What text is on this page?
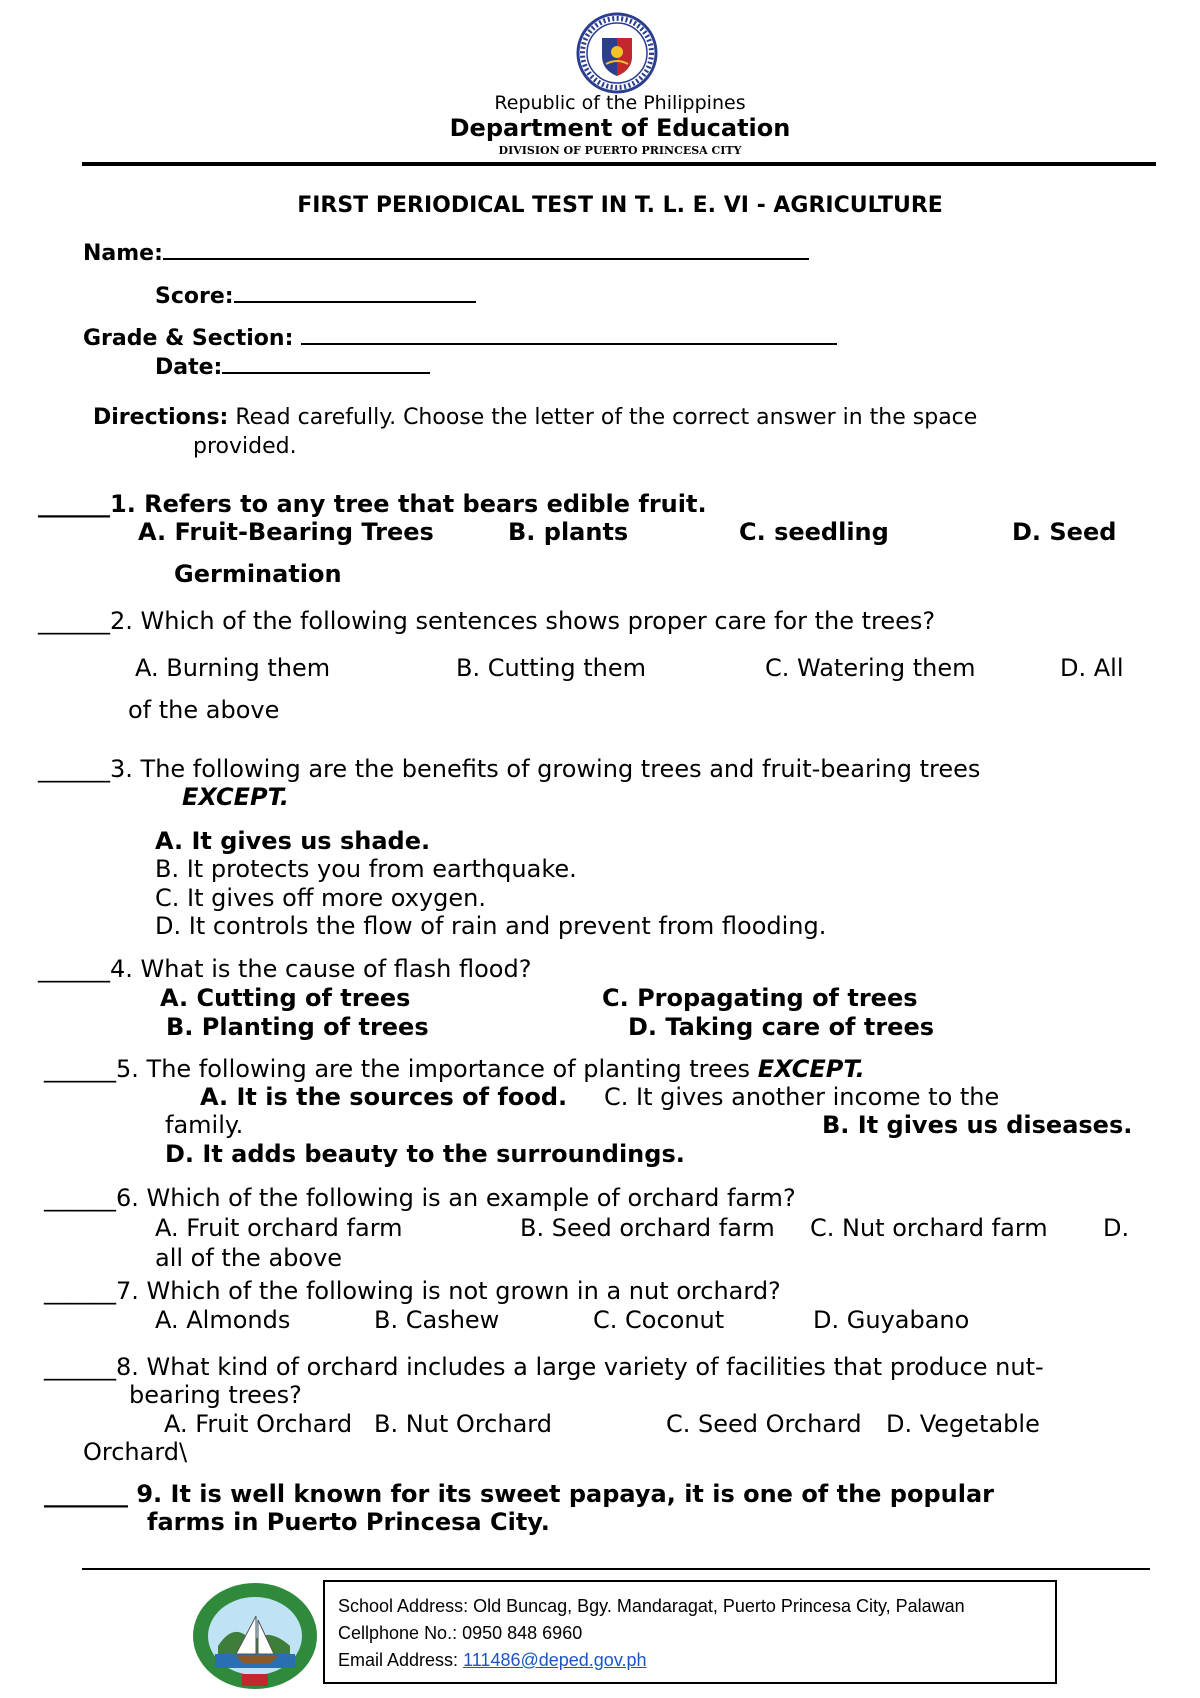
Republic of the Philippines
Department of Education
DIVISION OF PUERTO PRINCESA CITY
FIRST PERIODICAL TEST IN T. L. E. VI - AGRICULTURE
Name:
Score:
Grade & Section:
Date:
Directions: Read carefully. Choose the letter of the correct answer in the space
provided.
______1. Refers to any tree that bears edible fruit.
A. Fruit-Bearing Trees	B. plants	C. seedling	D. Seed
Germination
______2. Which of the following sentences shows proper care for the trees?
A. Burning them	B. Cutting them	C. Watering them	D. All
of the above
______3. The following are the benefits of growing trees and fruit-bearing trees
EXCEPT.
A. It gives us shade.
B. It protects you from earthquake.
C. It gives off more oxygen.
D. It controls the flow of rain and prevent from flooding.
______4. What is the cause of flash flood?
A. Cutting of trees	C. Propagating of trees
B. Planting of trees	D. Taking care of trees
______5. The following are the importance of planting trees EXCEPT.
A. It is the sources of food. C. It gives another income to the
family.	B. It gives us diseases.
D. It adds beauty to the surroundings.
______6. Which of the following is an example of orchard farm?
A. Fruit orchard farm	B. Seed orchard farm C. Nut orchard farm D.
all of the above
______7. Which of the following is not grown in a nut orchard?
A. Almonds	B. Cashew	C. Coconut	D. Guyabano
______8. What kind of orchard includes a large variety of facilities that produce nut-
bearing trees?
A. Fruit Orchard B. Nut Orchard	C. Seed Orchard D. Vegetable
Orchard\
_______ 9. It is well known for its sweet papaya, it is one of the popular
farms in Puerto Princesa City.
School Address: Old Buncag, Bgy. Mandaragat, Puerto Princesa City, Palawan
Cellphone No.: 0950 848 6960
Email Address: 111486@deped.gov.ph
